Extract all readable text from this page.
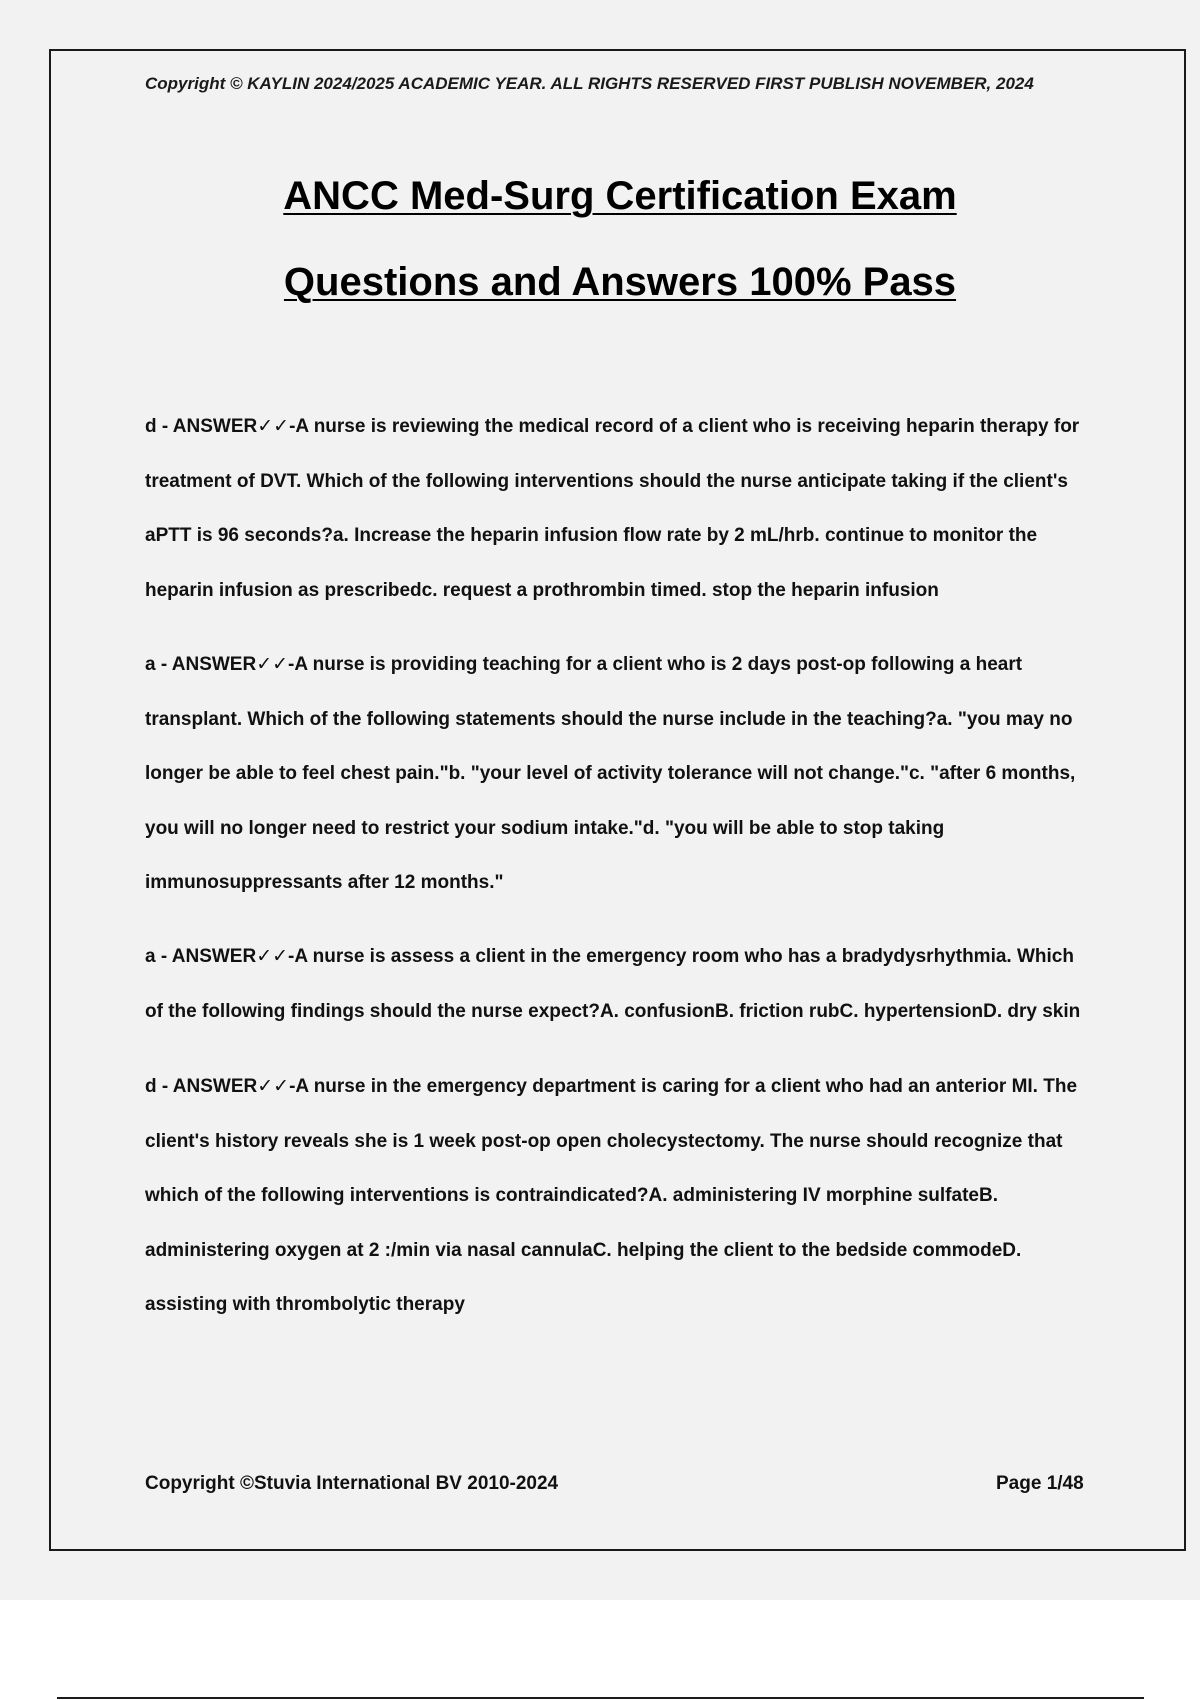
Copyright © KAYLIN 2024/2025 ACADEMIC YEAR. ALL RIGHTS RESERVED FIRST PUBLISH NOVEMBER, 2024
ANCC Med-Surg Certification Exam
Questions and Answers 100% Pass

d - ANSWER✓✓-A nurse is reviewing the medical record of a client who is receiving heparin therapy for treatment of DVT. Which of the following interventions should the nurse anticipate taking if the client's aPTT is 96 seconds?a. Increase the heparin infusion flow rate by 2 mL/hrb. continue to monitor the heparin infusion as prescribedc. request a prothrombin timed. stop the heparin infusion

a - ANSWER✓✓-A nurse is providing teaching for a client who is 2 days post-op following a heart transplant. Which of the following statements should the nurse include in the teaching?a. "you may no longer be able to feel chest pain."b. "your level of activity tolerance will not change."c. "after 6 months, you will no longer need to restrict your sodium intake."d. "you will be able to stop taking immunosuppressants after 12 months."

a - ANSWER✓✓-A nurse is assess a client in the emergency room who has a bradydysrhythmia. Which of the following findings should the nurse expect?A. confusionB. friction rubC. hypertensionD. dry skin

d - ANSWER✓✓-A nurse in the emergency department is caring for a client who had an anterior MI. The client's history reveals she is 1 week post-op open cholecystectomy. The nurse should recognize that which of the following interventions is contraindicated?A. administering IV morphine sulfateB. administering oxygen at 2 :/min via nasal cannulaC. helping the client to the bedside commodeD. assisting with thrombolytic therapy

Copyright ©Stuvia International BV 2010-2024	Page 1/48
